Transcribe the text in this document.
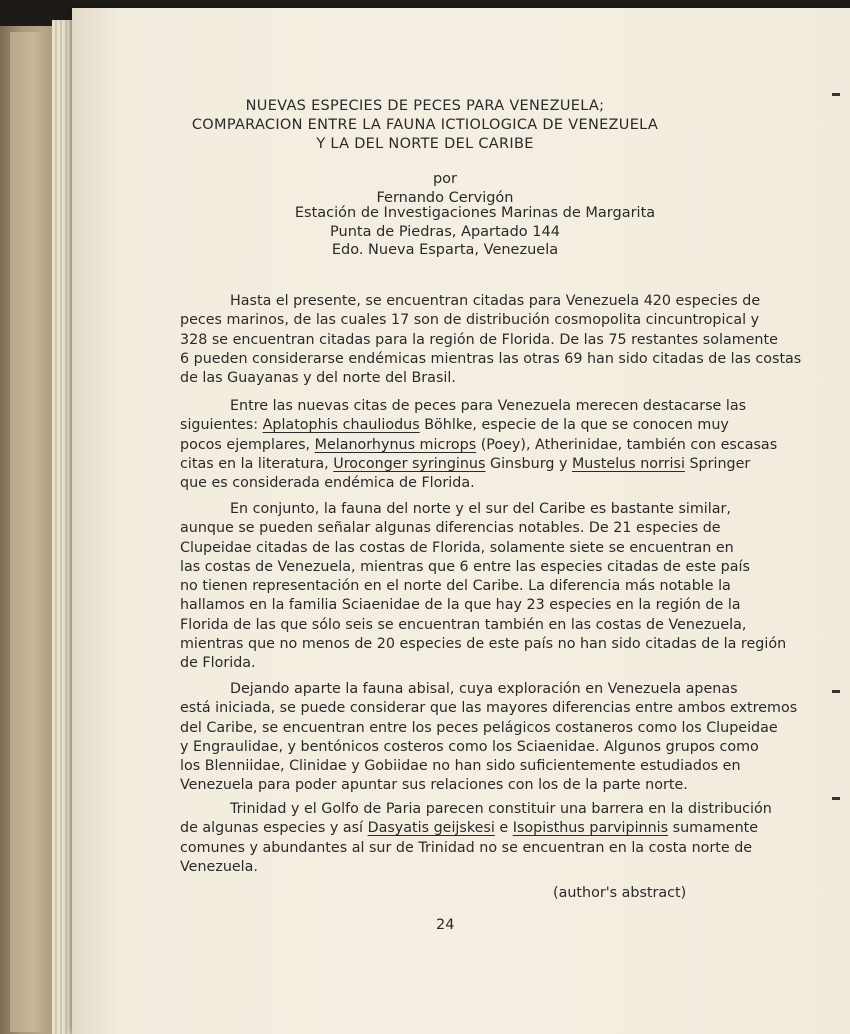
NUEVAS ESPECIES DE PECES PARA VENEZUELA;
COMPARACION ENTRE LA FAUNA ICTIOLOGICA DE VENEZUELA
Y LA DEL NORTE DEL CARIBE
por
Fernando Cervigón
Estación de Investigaciones Marinas de Margarita
Punta de Piedras, Apartado 144
Edo. Nueva Esparta, Venezuela
Hasta el presente, se encuentran citadas para Venezuela 420 especies de
peces marinos, de las cuales 17 son de distribución cosmopolita cincuntropical y
328 se encuentran citadas para la región de Florida. De las 75 restantes solamente
6 pueden considerarse endémicas mientras las otras 69 han sido citadas de las costas
de las Guayanas y del norte del Brasil.
Entre las nuevas citas de peces para Venezuela merecen destacarse las
siguientes: Aplatophis chauliodus Böhlke, especie de la que se conocen muy
pocos ejemplares, Melanorhynus microps (Poey), Atherinidae, también con escasas
citas en la literatura, Uroconger syringinus Ginsburg y Mustelus norrisi Springer
que es considerada endémica de Florida.
En conjunto, la fauna del norte y el sur del Caribe es bastante similar,
aunque se pueden señalar algunas diferencias notables. De 21 especies de
Clupeidae citadas de las costas de Florida, solamente siete se encuentran en
las costas de Venezuela, mientras que 6 entre las especies citadas de este país
no tienen representación en el norte del Caribe. La diferencia más notable la
hallamos en la familia Sciaenidae de la que hay 23 especies en la región de la
Florida de las que sólo seis se encuentran también en las costas de Venezuela,
mientras que no menos de 20 especies de este país no han sido citadas de la región
de Florida.
Dejando aparte la fauna abisal, cuya exploración en Venezuela apenas
está iniciada, se puede considerar que las mayores diferencias entre ambos extremos
del Caribe, se encuentran entre los peces pelágicos costaneros como los Clupeidae
y Engraulidae, y bentónicos costeros como los Sciaenidae. Algunos grupos como
los Blenniidae, Clinidae y Gobiidae no han sido suficientemente estudiados en
Venezuela para poder apuntar sus relaciones con los de la parte norte.
Trinidad y el Golfo de Paria parecen constituir una barrera en la distribución
de algunas especies y así Dasyatis geijskesi e Isopisthus parvipinnis sumamente
comunes y abundantes al sur de Trinidad no se encuentran en la costa norte de
Venezuela.
(author's abstract)
24
